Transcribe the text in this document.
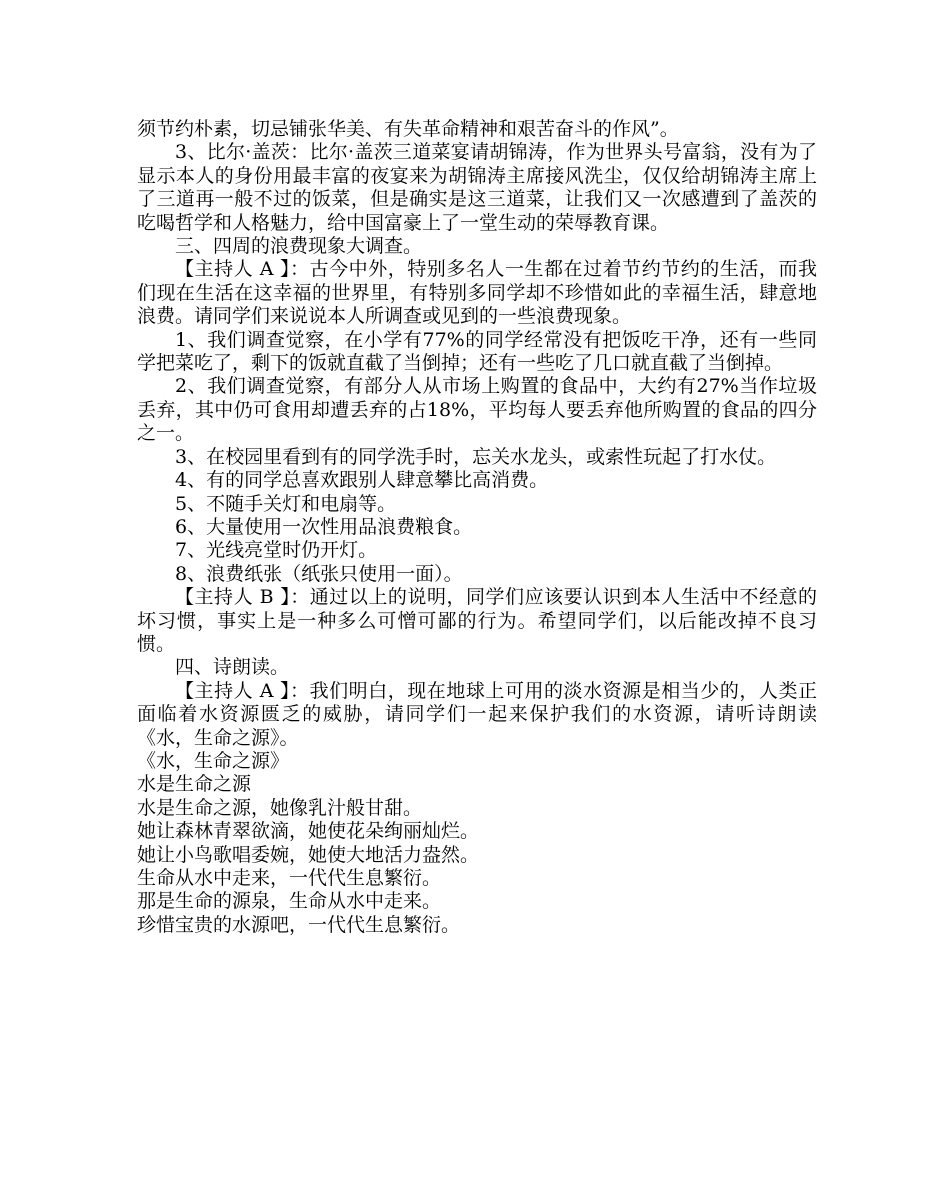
须节约朴素，切忌铺张华美、有失革命精神和艰苦奋斗的作风”。

3、比尔·盖茨：比尔·盖茨三道菜宴请胡锦涛，作为世界头号富翁，没有为了显示本人的身份用最丰富的夜宴来为胡锦涛主席接风洗尘，仅仅给胡锦涛主席上了三道再一般不过的饭菜，但是确实是这三道菜，让我们又一次感遭到了盖茨的吃喝哲学和人格魅力，给中国富豪上了一堂生动的荣辱教育课。

三、四周的浪费现象大调查。

【主持人 A 】：古今中外，特别多名人一生都在过着节约节约的生活，而我们现在生活在这幸福的世界里，有特别多同学却不珍惜如此的幸福生活，肆意地浪费。请同学们来说说本人所调查或见到的一些浪费现象。

1、我们调查觉察，在小学有77%的同学经常没有把饭吃干净，还有一些同学把菜吃了，剩下的饭就直截了当倒掉；还有一些吃了几口就直截了当倒掉。

2、我们调查觉察，有部分人从市场上购置的食品中，大约有27%当作垃圾丢弃，其中仍可食用却遭丢弃的占18%，平均每人要丢弃他所购置的食品的四分之一。

3、在校园里看到有的同学洗手时，忘关水龙头，或索性玩起了打水仗。

4、有的同学总喜欢跟别人肆意攀比高消费。

5、不随手关灯和电扇等。

6、大量使用一次性用品浪费粮食。

7、光线亮堂时仍开灯。

8、浪费纸张（纸张只使用一面）。

【主持人 B 】：通过以上的说明，同学们应该要认识到本人生活中不经意的坏习惯，事实上是一种多么可憎可鄙的行为。希望同学们，以后能改掉不良习惯。

四、诗朗读。

【主持人 A 】：我们明白，现在地球上可用的淡水资源是相当少的，人类正面临着水资源匮乏的威胁，请同学们一起来保护我们的水资源，请听诗朗读《水，生命之源》。

《水，生命之源》

水是生命之源

水是生命之源，她像乳汁般甘甜。

她让森林青翠欲滴，她使花朵绚丽灿烂。

她让小鸟歌唱委婉，她使大地活力盎然。

生命从水中走来，一代代生息繁衍。

那是生命的源泉，生命从水中走来。

珍惜宝贵的水源吧，一代代生息繁衍。
